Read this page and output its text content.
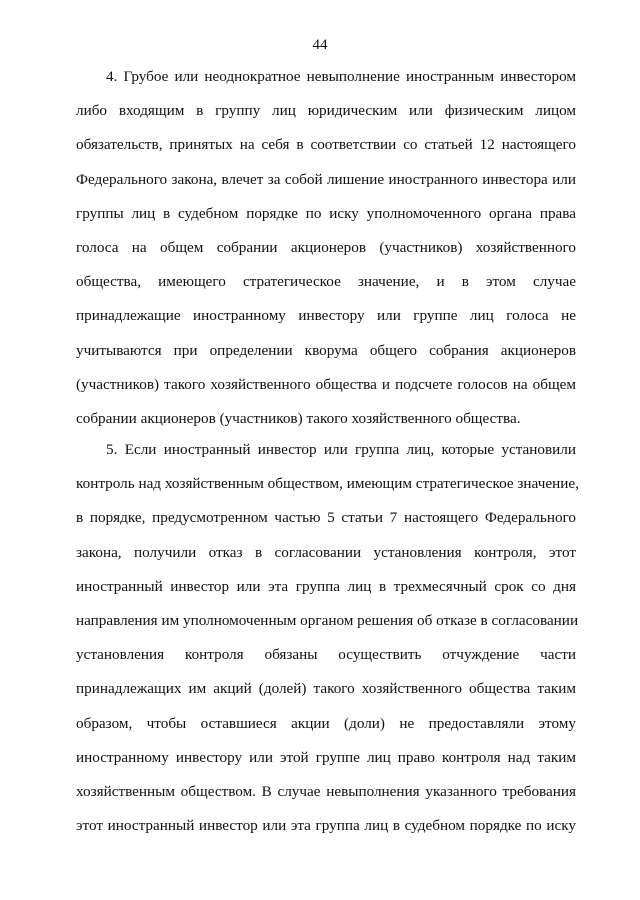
44
4. Грубое или неоднократное невыполнение иностранным инвестором
либо входящим в группу лиц юридическим или физическим лицом
обязательств, принятых на себя в соответствии со статьей 12 настоящего
Федерального закона, влечет за собой лишение иностранного инвестора или
группы лиц в судебном порядке по иску уполномоченного органа права
голоса на общем собрании акционеров (участников) хозяйственного
общества, имеющего стратегическое значение, и в этом случае
принадлежащие иностранному инвестору или группе лиц голоса не
учитываются при определении кворума общего собрания акционеров
(участников) такого хозяйственного общества и подсчете голосов на общем
собрании акционеров (участников) такого хозяйственного общества.
5. Если иностранный инвестор или группа лиц, которые установили
контроль над хозяйственным обществом, имеющим стратегическое значение,
в порядке, предусмотренном частью 5 статьи 7 настоящего Федерального
закона, получили отказ в согласовании установления контроля, этот
иностранный инвестор или эта группа лиц в трехмесячный срок со дня
направления им уполномоченным органом решения об отказе в согласовании
установления контроля обязаны осуществить отчуждение части
принадлежащих им акций (долей) такого хозяйственного общества таким
образом, чтобы оставшиеся акции (доли) не предоставляли этому
иностранному инвестору или этой группе лиц право контроля над таким
хозяйственным обществом. В случае невыполнения указанного требования
этот иностранный инвестор или эта группа лиц в судебном порядке по иску
